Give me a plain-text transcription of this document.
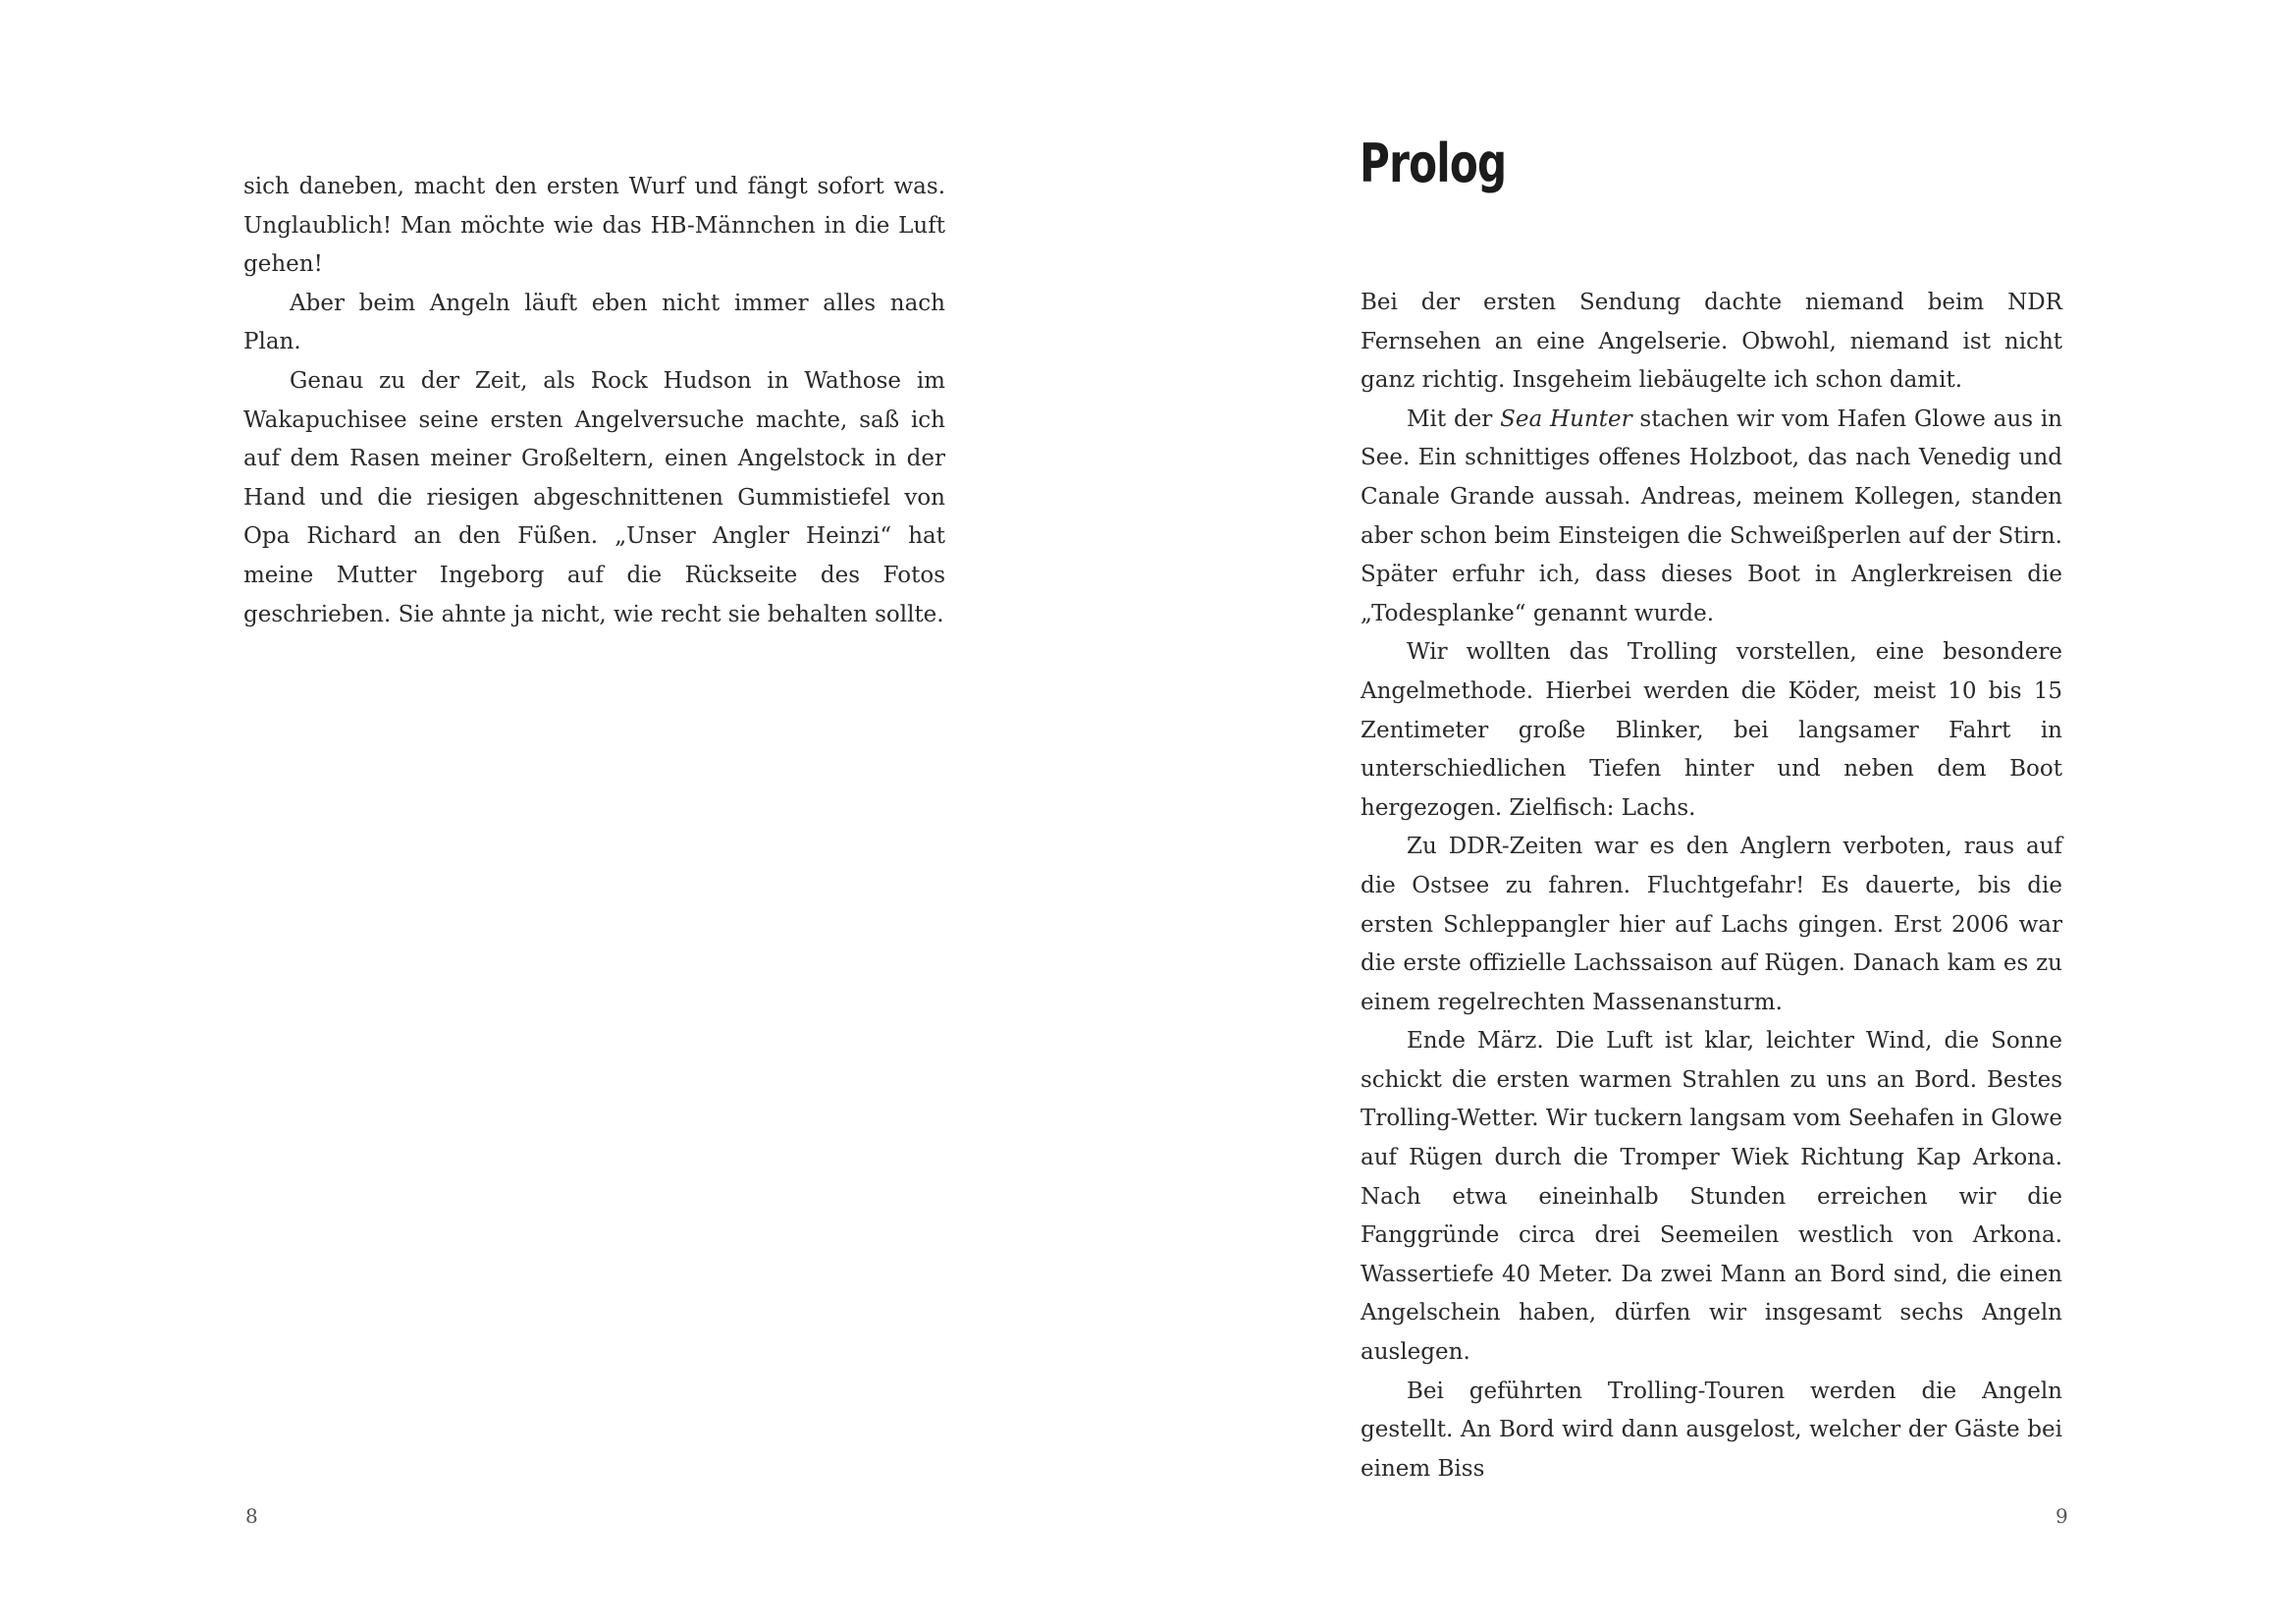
sich daneben, macht den ersten Wurf und fängt sofort was. Unglaublich! Man möchte wie das HB-Männchen in die Luft gehen!

Aber beim Angeln läuft eben nicht immer alles nach Plan.

Genau zu der Zeit, als Rock Hudson in Wathose im Wakapuchisee seine ersten Angelversuche machte, saß ich auf dem Rasen meiner Großeltern, einen Angelstock in der Hand und die riesigen abgeschnittenen Gummistiefel von Opa Richard an den Füßen. „Unser Angler Heinzi“ hat meine Mutter Ingeborg auf die Rückseite des Fotos geschrieben. Sie ahnte ja nicht, wie recht sie behalten sollte.

8
Prolog

Bei der ersten Sendung dachte niemand beim NDR Fernsehen an eine Angelserie. Obwohl, niemand ist nicht ganz richtig. Insgeheim liebäugelte ich schon damit.

Mit der Sea Hunter stachen wir vom Hafen Glowe aus in See. Ein schnittiges offenes Holzboot, das nach Venedig und Canale Grande aussah. Andreas, meinem Kollegen, standen aber schon beim Einsteigen die Schweißperlen auf der Stirn. Später erfuhr ich, dass dieses Boot in Anglerkreisen die „Todesplanke“ genannt wurde.

Wir wollten das Trolling vorstellen, eine besondere Angelmethode. Hierbei werden die Köder, meist 10 bis 15 Zentimeter große Blinker, bei langsamer Fahrt in unterschiedlichen Tiefen hinter und neben dem Boot hergezogen. Zielfisch: Lachs.

Zu DDR-Zeiten war es den Anglern verboten, raus auf die Ostsee zu fahren. Fluchtgefahr! Es dauerte, bis die ersten Schleppangler hier auf Lachs gingen. Erst 2006 war die erste offizielle Lachssaison auf Rügen. Danach kam es zu einem regelrechten Massenansturm.

Ende März. Die Luft ist klar, leichter Wind, die Sonne schickt die ersten warmen Strahlen zu uns an Bord. Bestes Trolling-Wetter. Wir tuckern langsam vom Seehafen in Glowe auf Rügen durch die Tromper Wiek Richtung Kap Arkona. Nach etwa eineinhalb Stunden erreichen wir die Fanggründe circa drei Seemeilen westlich von Arkona. Wassertiefe 40 Meter. Da zwei Mann an Bord sind, die einen Angelschein haben, dürfen wir insgesamt sechs Angeln auslegen.

Bei geführten Trolling-Touren werden die Angeln gestellt. An Bord wird dann ausgelost, welcher der Gäste bei einem Biss

9
